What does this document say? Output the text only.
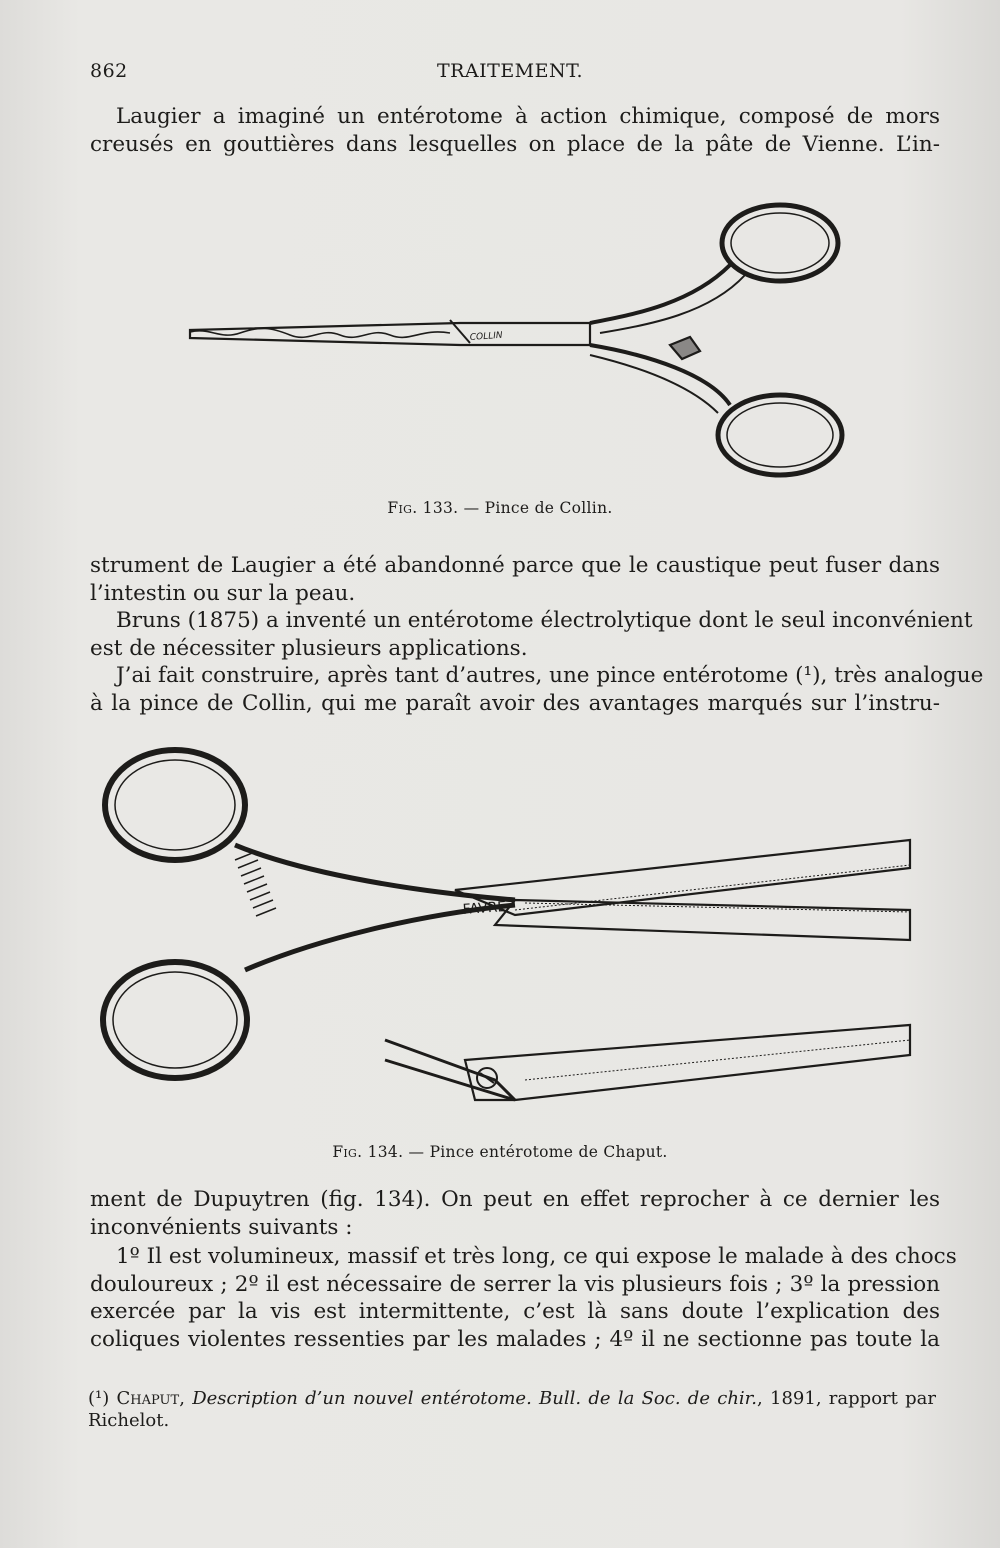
862	TRAITEMENT.
Laugier a imaginé un entérotome à action chimique, composé de mors
creusés en gouttières dans lesquelles on place de la pâte de Vienne. L’in-
COLLIN
Fig. 133. — Pince de Collin.
strument de Laugier a été abandonné parce que le caustique peut fuser dans
l’intestin ou sur la peau.
Bruns (1875) a inventé un entérotome électrolytique dont le seul inconvénient
est de nécessiter plusieurs applications.
J’ai fait construire, après tant d’autres, une pince entérotome (¹), très analogue
à la pince de Collin, qui me paraît avoir des avantages marqués sur l’instru-
FAVRE
Fig. 134. — Pince entérotome de Chaput.
ment de Dupuytren (fig. 134). On peut en effet reprocher à ce dernier les
inconvénients suivants :
1º Il est volumineux, massif et très long, ce qui expose le malade à des chocs
douloureux ; 2º il est nécessaire de serrer la vis plusieurs fois ; 3º la pression
exercée par la vis est intermittente, c’est là sans doute l’explication des
coliques violentes ressenties par les malades ; 4º il ne sectionne pas toute la
(¹) Chaput, Description d’un nouvel entérotome. Bull. de la Soc. de chir., 1891, rapport par
Richelot.
